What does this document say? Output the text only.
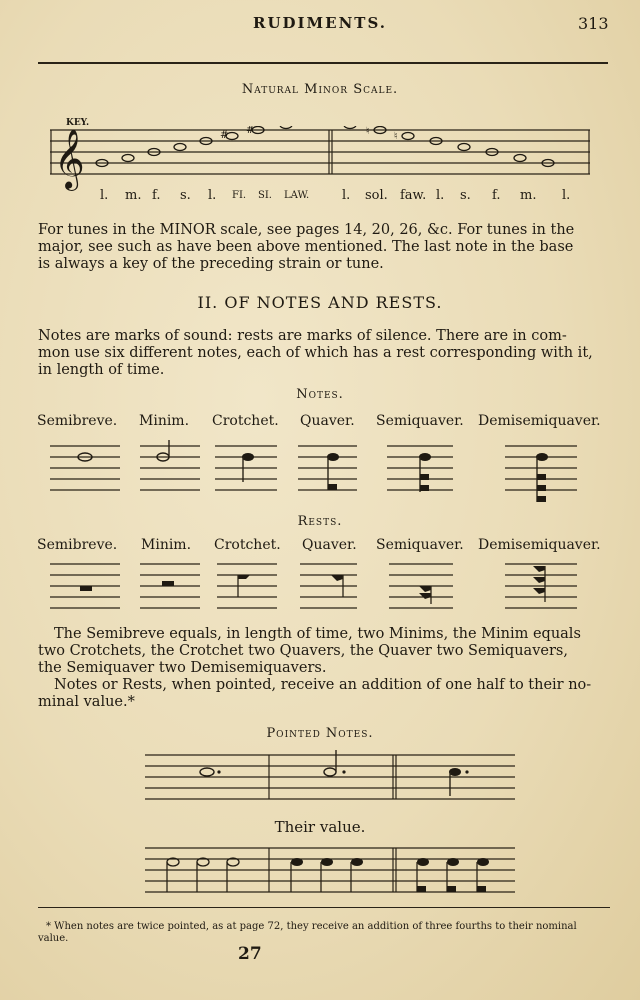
RUDIMENTS.	313
Natural Minor Scale.
KEY.
𝄞	# #	♮ ♮
l. m. f. s. l. FI. SI. LAW.	l. sol. faw. l. s. f. m. l.

For tunes in the MINOR scale, see pages 14, 20, 26, &c. For tunes in the

major, see such as have been above mentioned. The last note in the base

is always a key of the preceding strain or tune.

II. OF NOTES AND RESTS.

Notes are marks of sound: rests are marks of silence. There are in com-

mon use six different notes, each of which has a rest corresponding with it,

in length of time.

Notes.
Semibreve. Minim. Crotchet. Quaver. Semiquaver. Demisemiquaver.
Rests.
Semibreve. Minim. Crotchet. Quaver. Semiquaver. Demisemiquaver.

The Semibreve equals, in length of time, two Minims, the Minim equals

two Crotchets, the Crotchet two Quavers, the Quaver two Semiquavers,

the Semiquaver two Demisemiquavers.

Notes or Rests, when pointed, receive an addition of one half to their no-

minal value.*

Pointed Notes.
Their value.
* When notes are twice pointed, as at page 72, they receive an addition of three fourths to their nominal
value.
27
